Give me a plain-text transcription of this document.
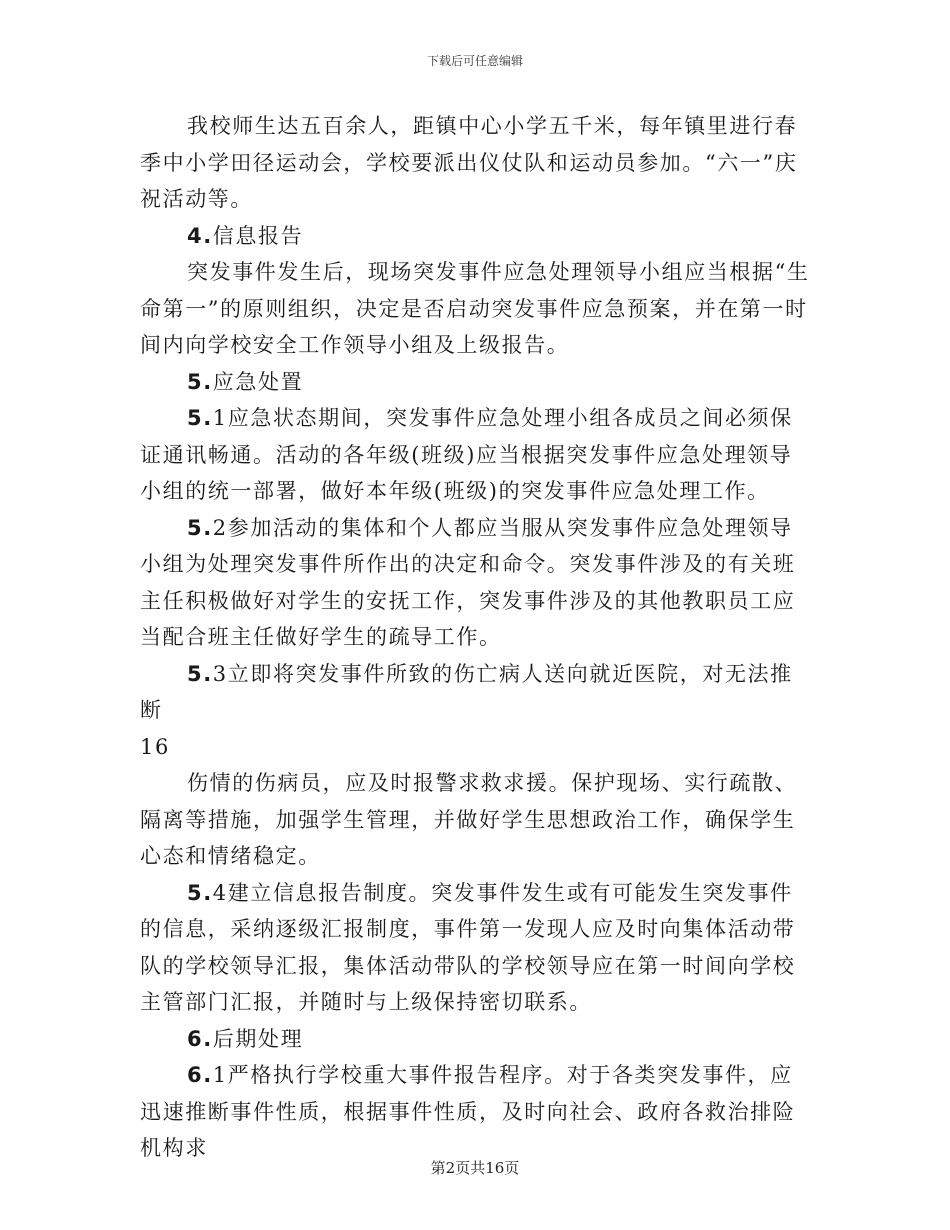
下载后可任意编辑

我校师生达五百余人，距镇中心小学五千米，每年镇里进行春季中小学田径运动会，学校要派出仪仗队和运动员参加。“六一”庆祝活动等。

4.信息报告

突发事件发生后，现场突发事件应急处理领导小组应当根据“生命第一”的原则组织，决定是否启动突发事件应急预案，并在第一时间内向学校安全工作领导小组及上级报告。

5.应急处置

5.1应急状态期间，突发事件应急处理小组各成员之间必须保证通讯畅通。活动的各年级(班级)应当根据突发事件应急处理领导小组的统一部署，做好本年级(班级)的突发事件应急处理工作。

5.2参加活动的集体和个人都应当服从突发事件应急处理领导小组为处理突发事件所作出的决定和命令。突发事件涉及的有关班主任积极做好对学生的安抚工作，突发事件涉及的其他教职员工应当配合班主任做好学生的疏导工作。

5.3立即将突发事件所致的伤亡病人送向就近医院，对无法推断

16

伤情的伤病员，应及时报警求救求援。保护现场、实行疏散、隔离等措施，加强学生管理，并做好学生思想政治工作，确保学生心态和情绪稳定。

5.4建立信息报告制度。突发事件发生或有可能发生突发事件的信息，采纳逐级汇报制度，事件第一发现人应及时向集体活动带队的学校领导汇报，集体活动带队的学校领导应在第一时间向学校主管部门汇报，并随时与上级保持密切联系。

6.后期处理

6.1严格执行学校重大事件报告程序。对于各类突发事件，应迅速推断事件性质，根据事件性质，及时向社会、政府各救治排险机构求

第2页共16页
